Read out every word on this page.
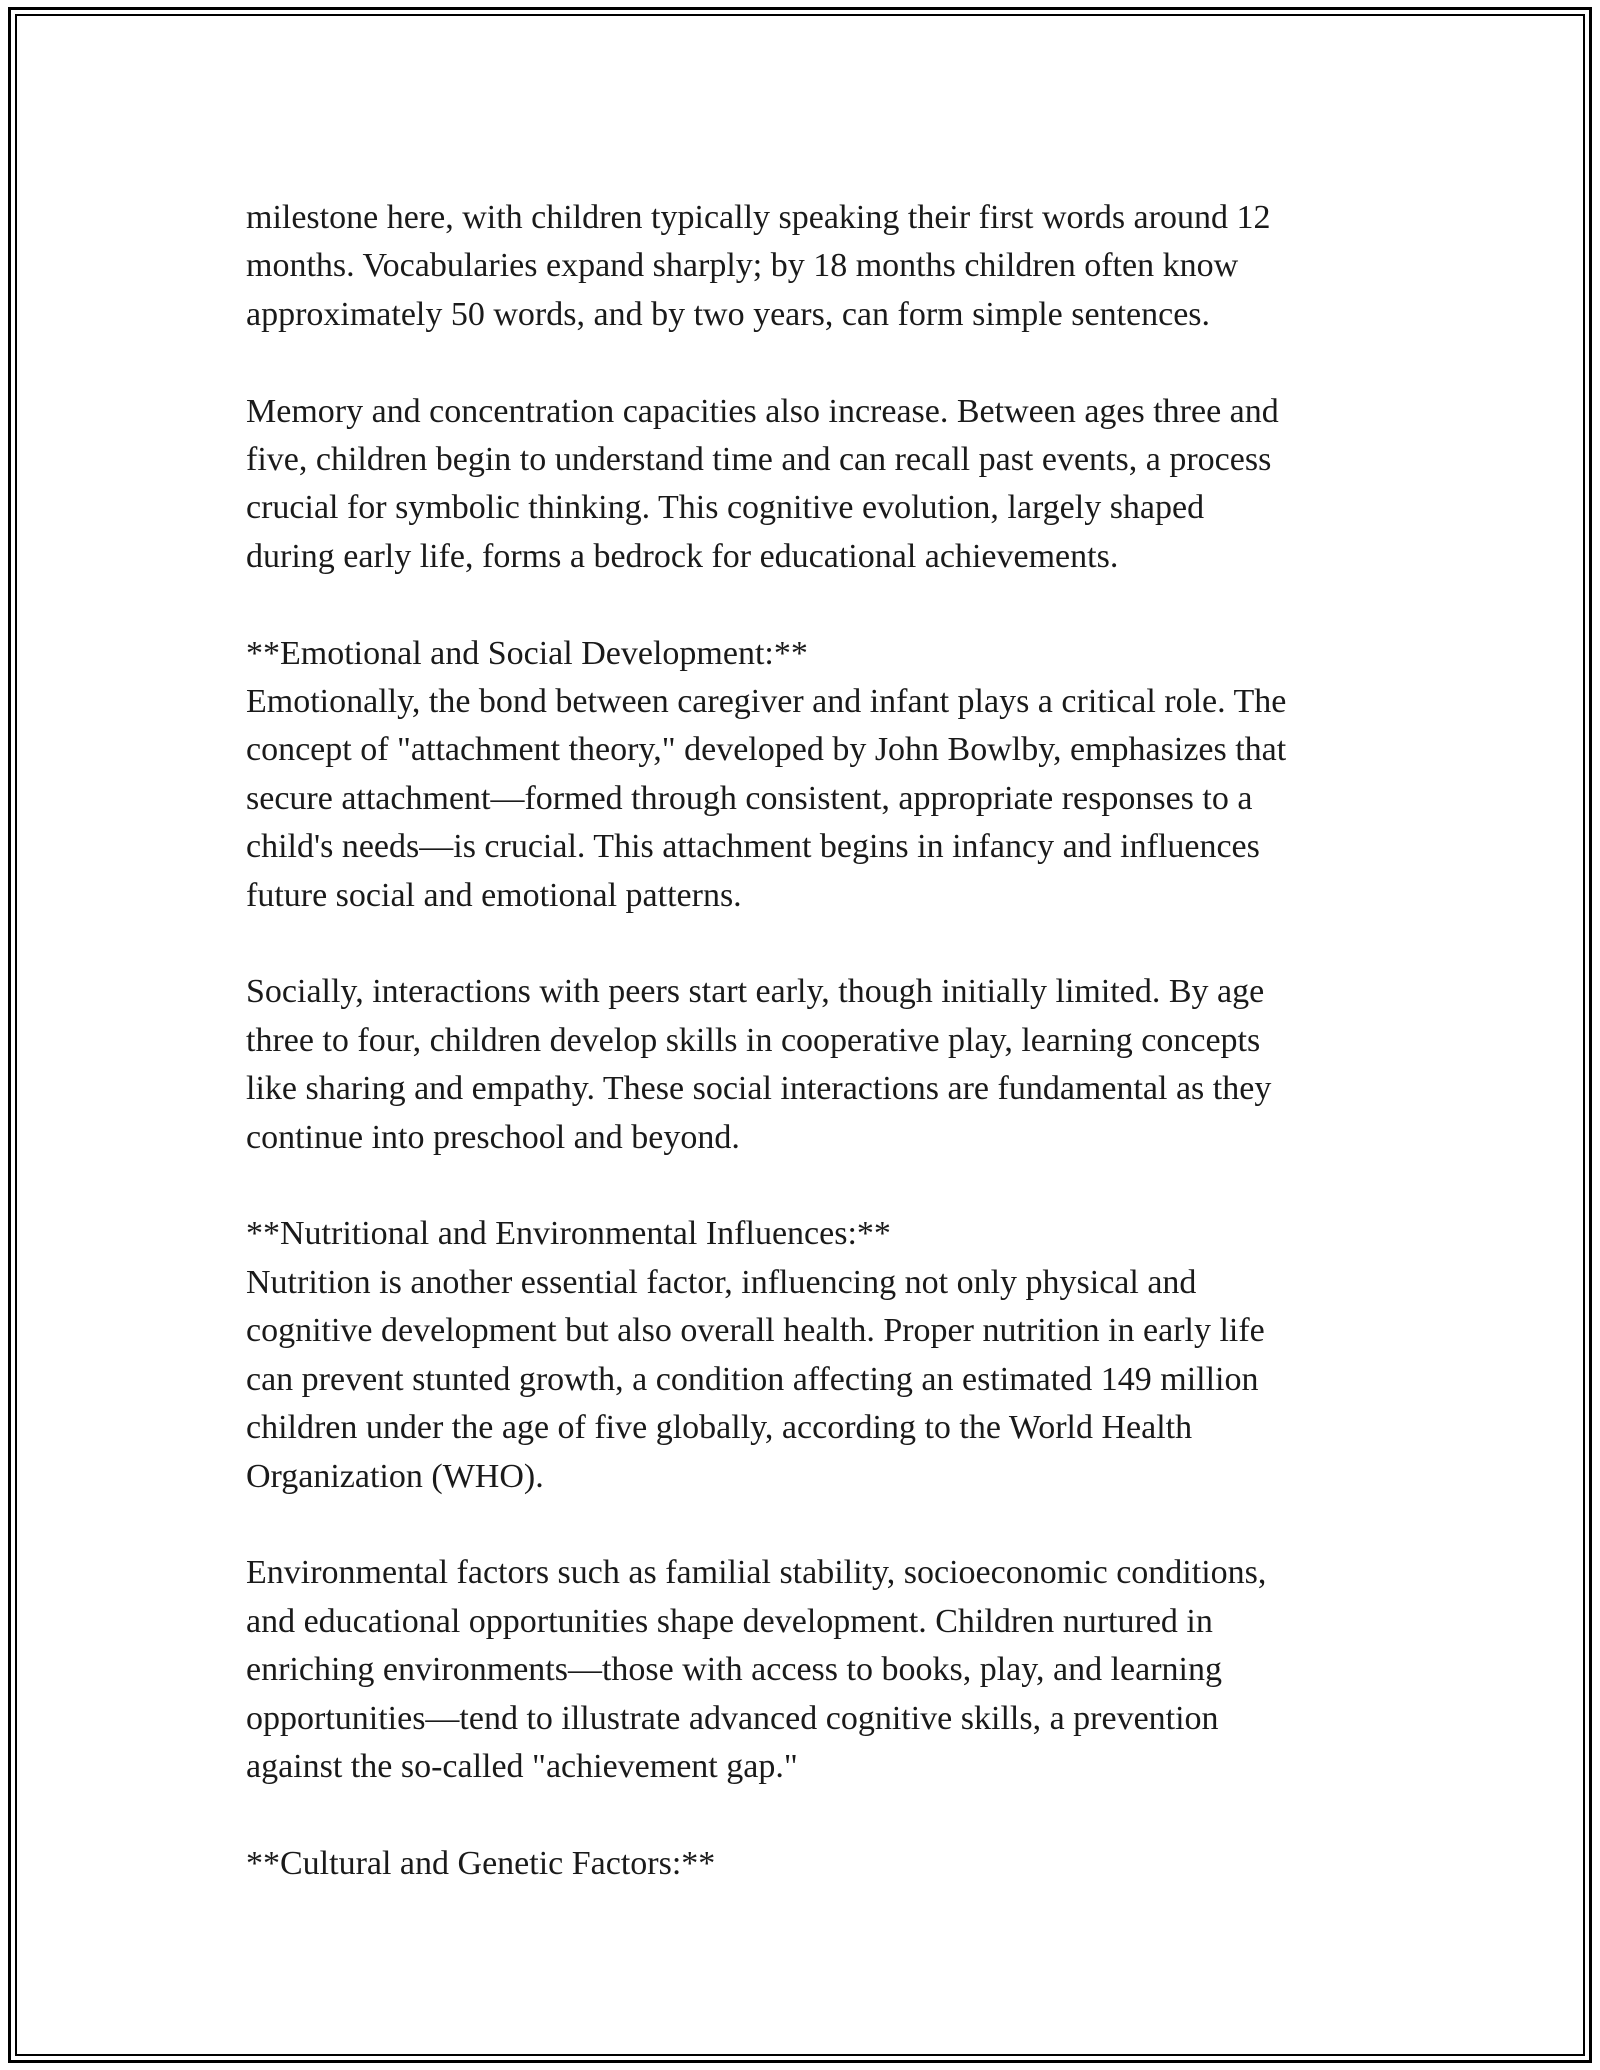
milestone here, with children typically speaking their first words around 12
months. Vocabularies expand sharply; by 18 months children often know
approximately 50 words, and by two years, can form simple sentences.

Memory and concentration capacities also increase. Between ages three and
five, children begin to understand time and can recall past events, a process
crucial for symbolic thinking. This cognitive evolution, largely shaped
during early life, forms a bedrock for educational achievements.

**Emotional and Social Development:**
Emotionally, the bond between caregiver and infant plays a critical role. The
concept of "attachment theory," developed by John Bowlby, emphasizes that
secure attachment—formed through consistent, appropriate responses to a
child's needs—is crucial. This attachment begins in infancy and influences
future social and emotional patterns.

Socially, interactions with peers start early, though initially limited. By age
three to four, children develop skills in cooperative play, learning concepts
like sharing and empathy. These social interactions are fundamental as they
continue into preschool and beyond.

**Nutritional and Environmental Influences:**
Nutrition is another essential factor, influencing not only physical and
cognitive development but also overall health. Proper nutrition in early life
can prevent stunted growth, a condition affecting an estimated 149 million
children under the age of five globally, according to the World Health
Organization (WHO).

Environmental factors such as familial stability, socioeconomic conditions,
and educational opportunities shape development. Children nurtured in
enriching environments—those with access to books, play, and learning
opportunities—tend to illustrate advanced cognitive skills, a prevention
against the so-called "achievement gap."

**Cultural and Genetic Factors:**
